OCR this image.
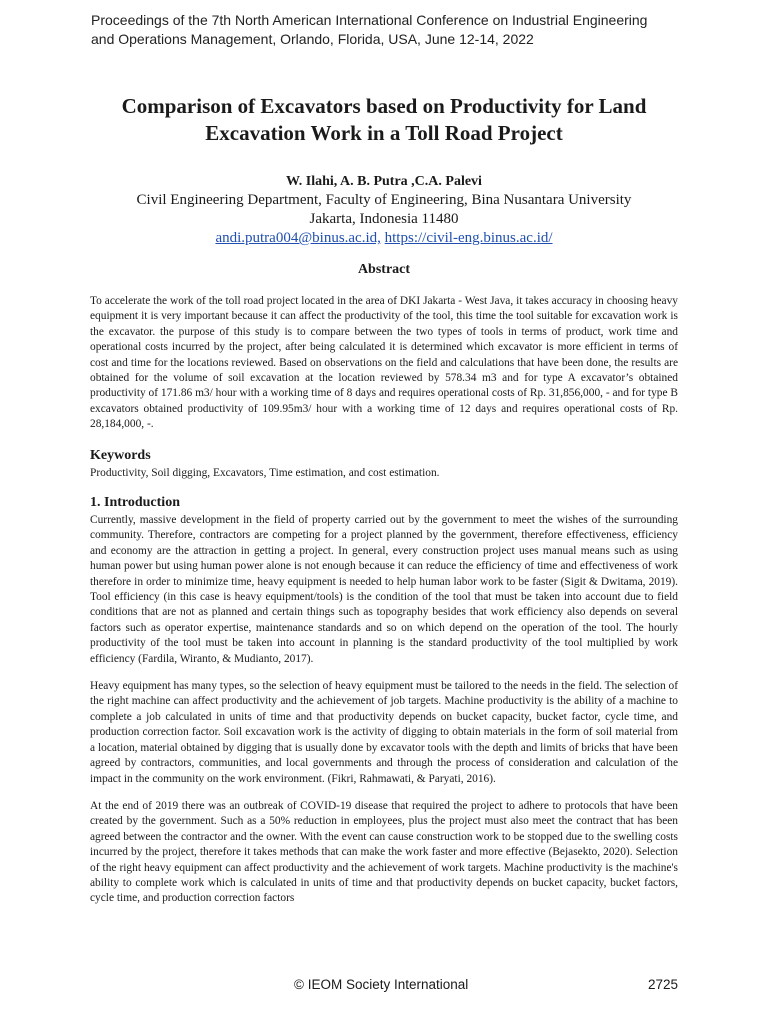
Proceedings of the 7th North American International Conference on Industrial Engineering
and Operations Management, Orlando, Florida, USA, June 12-14, 2022
Comparison of Excavators based on Productivity for Land
Excavation Work in a Toll Road Project
W. Ilahi, A. B. Putra ,C.A. Palevi
Civil Engineering Department, Faculty of Engineering, Bina Nusantara University
Jakarta, Indonesia 11480
andi.putra004@binus.ac.id, https://civil-eng.binus.ac.id/
Abstract
To accelerate the work of the toll road project located in the area of DKI Jakarta - West Java, it takes accuracy in choosing heavy equipment it is very important because it can affect the productivity of the tool, this time the tool suitable for excavation work is the excavator. the purpose of this study is to compare between the two types of tools in terms of product, work time and operational costs incurred by the project, after being calculated it is determined which excavator is more efficient in terms of cost and time for the locations reviewed. Based on observations on the field and calculations that have been done, the results are obtained for the volume of soil excavation at the location reviewed by 578.34 m3 and for type A excavator’s obtained productivity of 171.86 m3/ hour with a working time of 8 days and requires operational costs of Rp. 31,856,000, - and for type B excavators obtained productivity of 109.95m3/ hour with a working time of 12 days and requires operational costs of Rp. 28,184,000, -.
Keywords
Productivity, Soil digging, Excavators, Time estimation, and cost estimation.
1. Introduction

Currently, massive development in the field of property carried out by the government to meet the wishes of the surrounding community. Therefore, contractors are competing for a project planned by the government, therefore effectiveness, efficiency and economy are the attraction in getting a project. In general, every construction project uses manual means such as using human power but using human power alone is not enough because it can reduce the efficiency of time and effectiveness of work therefore in order to minimize time, heavy equipment is needed to help human labor work to be faster (Sigit & Dwitama, 2019). Tool efficiency (in this case is heavy equipment/tools) is the condition of the tool that must be taken into account due to field conditions that are not as planned and certain things such as topography besides that work efficiency also depends on several factors such as operator expertise, maintenance standards and so on which depend on the operation of the tool. The hourly productivity of the tool must be taken into account in planning is the standard productivity of the tool multiplied by work efficiency (Fardila, Wiranto, & Mudianto, 2017).

Heavy equipment has many types, so the selection of heavy equipment must be tailored to the needs in the field. The selection of the right machine can affect productivity and the achievement of job targets. Machine productivity is the ability of a machine to complete a job calculated in units of time and that productivity depends on bucket capacity, bucket factor, cycle time, and production correction factor. Soil excavation work is the activity of digging to obtain materials in the form of soil material from a location, material obtained by digging that is usually done by excavator tools with the depth and limits of bricks that have been agreed by contractors, communities, and local governments and through the process of consideration and calculation of the impact in the community on the work environment. (Fikri, Rahmawati, & Paryati, 2016).

At the end of 2019 there was an outbreak of COVID-19 disease that required the project to adhere to protocols that have been created by the government. Such as a 50% reduction in employees, plus the project must also meet the contract that has been agreed between the contractor and the owner. With the event can cause construction work to be stopped due to the swelling costs incurred by the project, therefore it takes methods that can make the work faster and more effective (Bejasekto, 2020). Selection of the right heavy equipment can affect productivity and the achievement of work targets. Machine productivity is the machine's ability to complete work which is calculated in units of time and that productivity depends on bucket capacity, bucket factors, cycle time, and production correction factors

© IEOM Society International	2725
